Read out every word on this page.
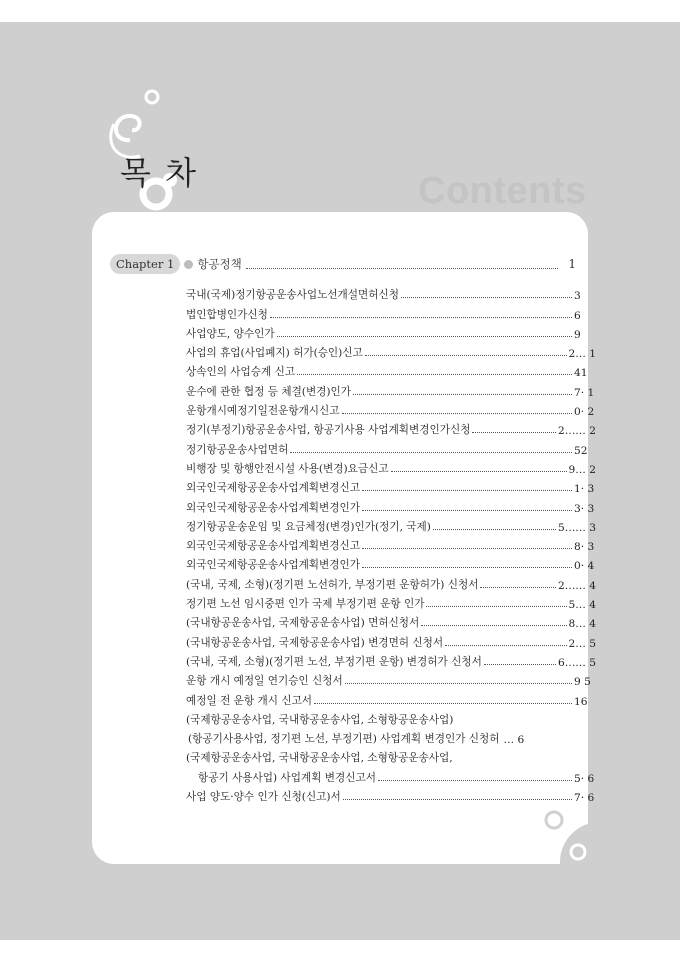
목 차	Contents
Chapter 1	항공정책	1
국내(국제)정기항공운송사업노선개설면허신청	3
법인합병인가신청	6
사업양도, 양수인가	9
사업의 휴업(사업폐지) 허가(승인)신고	2… 1
상속인의 사업승계 신고	41
운수에 관한 협정 등 체결(변경)인가	7· 1
운항개시예정기일전운항개시신고	0· 2
정기(부정기)항공운송사업, 항공기사용 사업계획변경인가신청	2…… 2
정기항공운송사업면허	52
비행장 및 항행안전시설 사용(변경)요금신고	9… 2
외국인국제항공운송사업계획변경신고	1· 3
외국인국제항공운송사업계획변경인가	3· 3
정기항공운송운임 및 요금체정(변경)인가(정기, 국제)	5…… 3
외국인국제항공운송사업계획변경신고	8· 3
외국인국제항공운송사업계획변경인가	0· 4
(국내, 국제, 소형)(정기편 노선허가, 부정기편 운항허가) 신청서	2…… 4
정기편 노선 임시중편 인가 국제 부정기편 운항 인가	5… 4
(국내항공운송사업, 국제항공운송사업) 면허신청서	8… 4
(국내항공운송사업, 국제항공운송사업) 변경면허 신청서	2… 5
(국내, 국제, 소형)(정기편 노선, 부정기편 운항) 변경허가 신청서	6…… 5
운항 개시 예정일 연기승인 신청서	9 5
예정일 전 운항 개시 신고서	16
(국제항공운송사업, 국내항공운송사업, 소형항공운송사업)
(항공기사용사업, 정기편 노선, 부정기편) 사업계획 변경인가 신청허 … 6
(국제항공운송사업, 국내항공운송사업, 소형항공운송사업,
항공기 사용사업) 사업계획 변경신고서	5· 6
사업 양도·양수 인가 신청(신고)서	7· 6
